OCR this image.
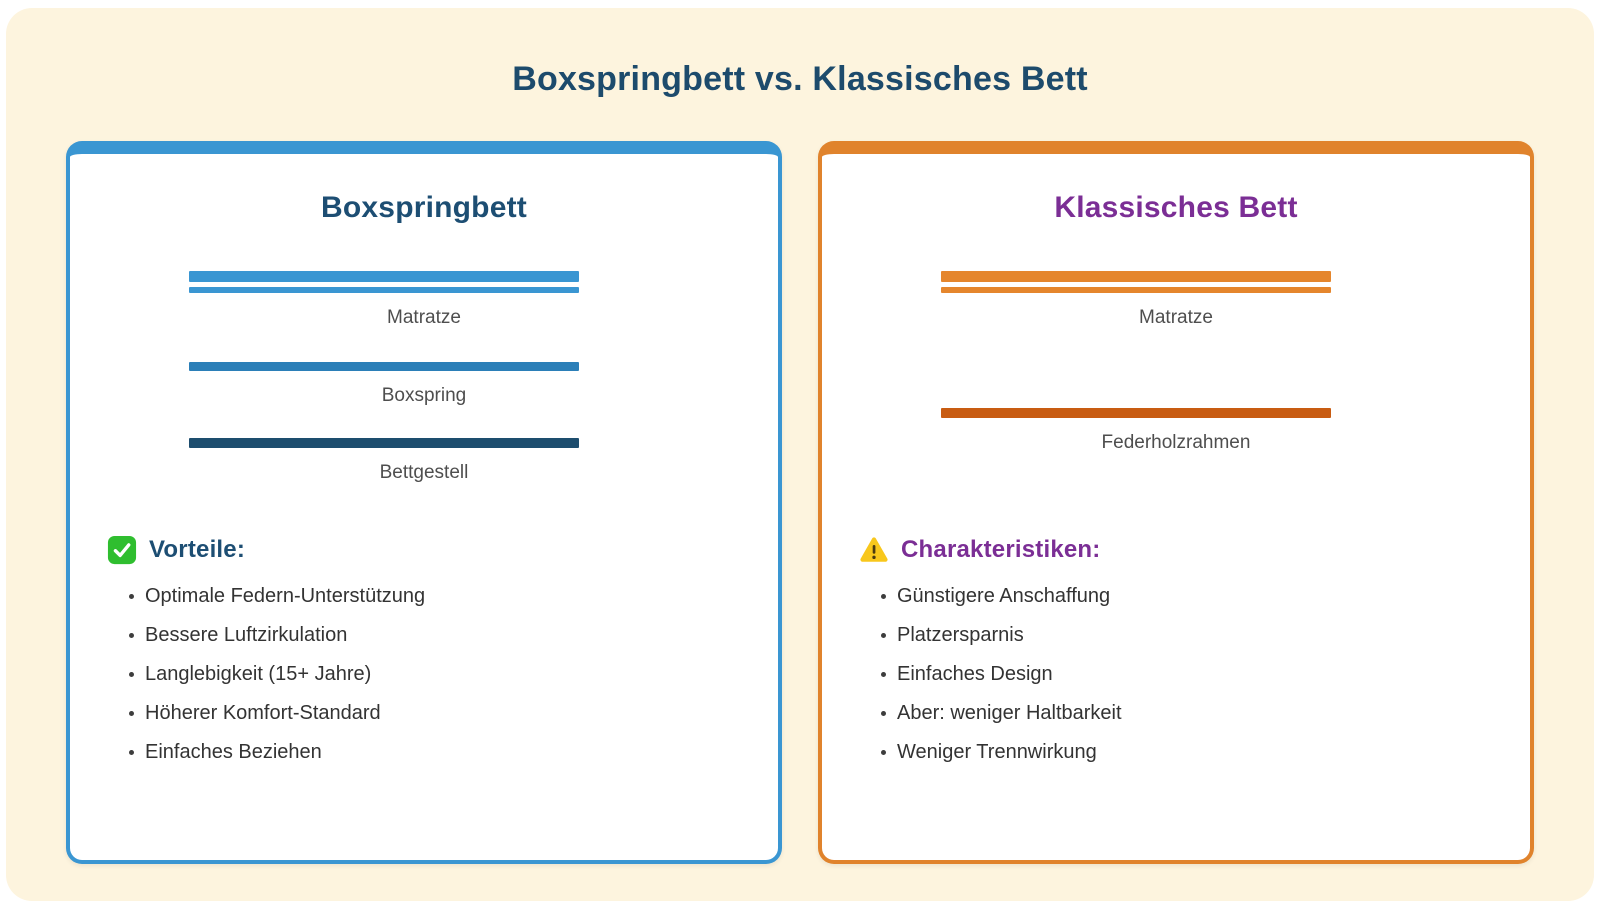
Boxspringbett vs. Klassisches Bett
Boxspringbett
Matratze
Boxspring
Bettgestell
Vorteile:
Optimale Federn-Unterstützung
Bessere Luftzirkulation
Langlebigkeit (15+ Jahre)
Höherer Komfort-Standard
Einfaches Beziehen
Klassisches Bett
Matratze
Federholzrahmen
Charakteristiken:
Günstigere Anschaffung
Platzersparnis
Einfaches Design
Aber: weniger Haltbarkeit
Weniger Trennwirkung
